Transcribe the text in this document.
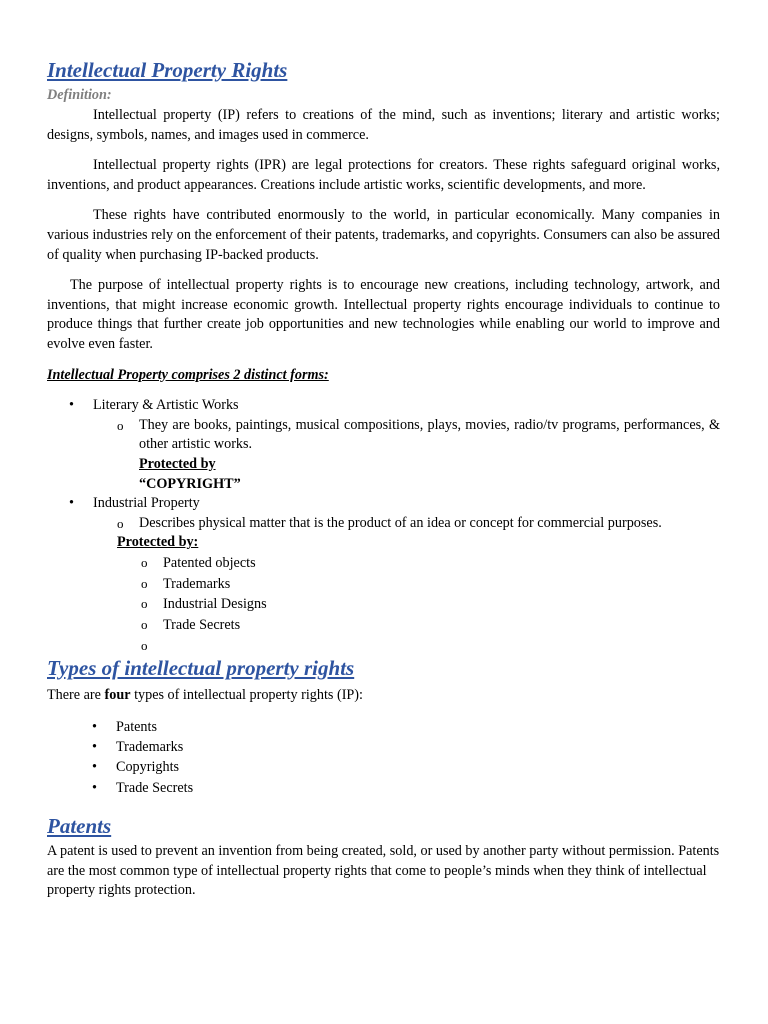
Intellectual Property Rights
Definition:

Intellectual property (IP) refers to creations of the mind, such as inventions; literary and artistic works; designs, symbols, names, and images used in commerce.

Intellectual property rights (IPR) are legal protections for creators. These rights safeguard original works, inventions, and product appearances. Creations include artistic works, scientific developments, and more.

These rights have contributed enormously to the world, in particular economically. Many companies in various industries rely on the enforcement of their patents, trademarks, and copyrights. Consumers can also be assured of quality when purchasing IP-backed products.

The purpose of intellectual property rights is to encourage new creations, including technology, artwork, and inventions, that might increase economic growth. Intellectual property rights encourage individuals to continue to produce things that further create job opportunities and new technologies while enabling our world to improve and evolve even faster.

Intellectual Property comprises 2 distinct forms:
• Literary & Artistic Works
o They are books, paintings, musical compositions, plays, movies, radio/tv programs, performances, & other artistic works.
Protected by
“COPYRIGHT”
• Industrial Property
o Describes physical matter that is the product of an idea or concept for commercial purposes.
Protected by:
o Patented objects
o Trademarks
o Industrial Designs
o Trade Secrets
o
Types of intellectual property rights

There are four types of intellectual property rights (IP):

• Patents
• Trademarks
• Copyrights
• Trade Secrets
Patents

A patent is used to prevent an invention from being created, sold, or used by another party without permission. Patents are the most common type of intellectual property rights that come to people’s minds when they think of intellectual property rights protection.
